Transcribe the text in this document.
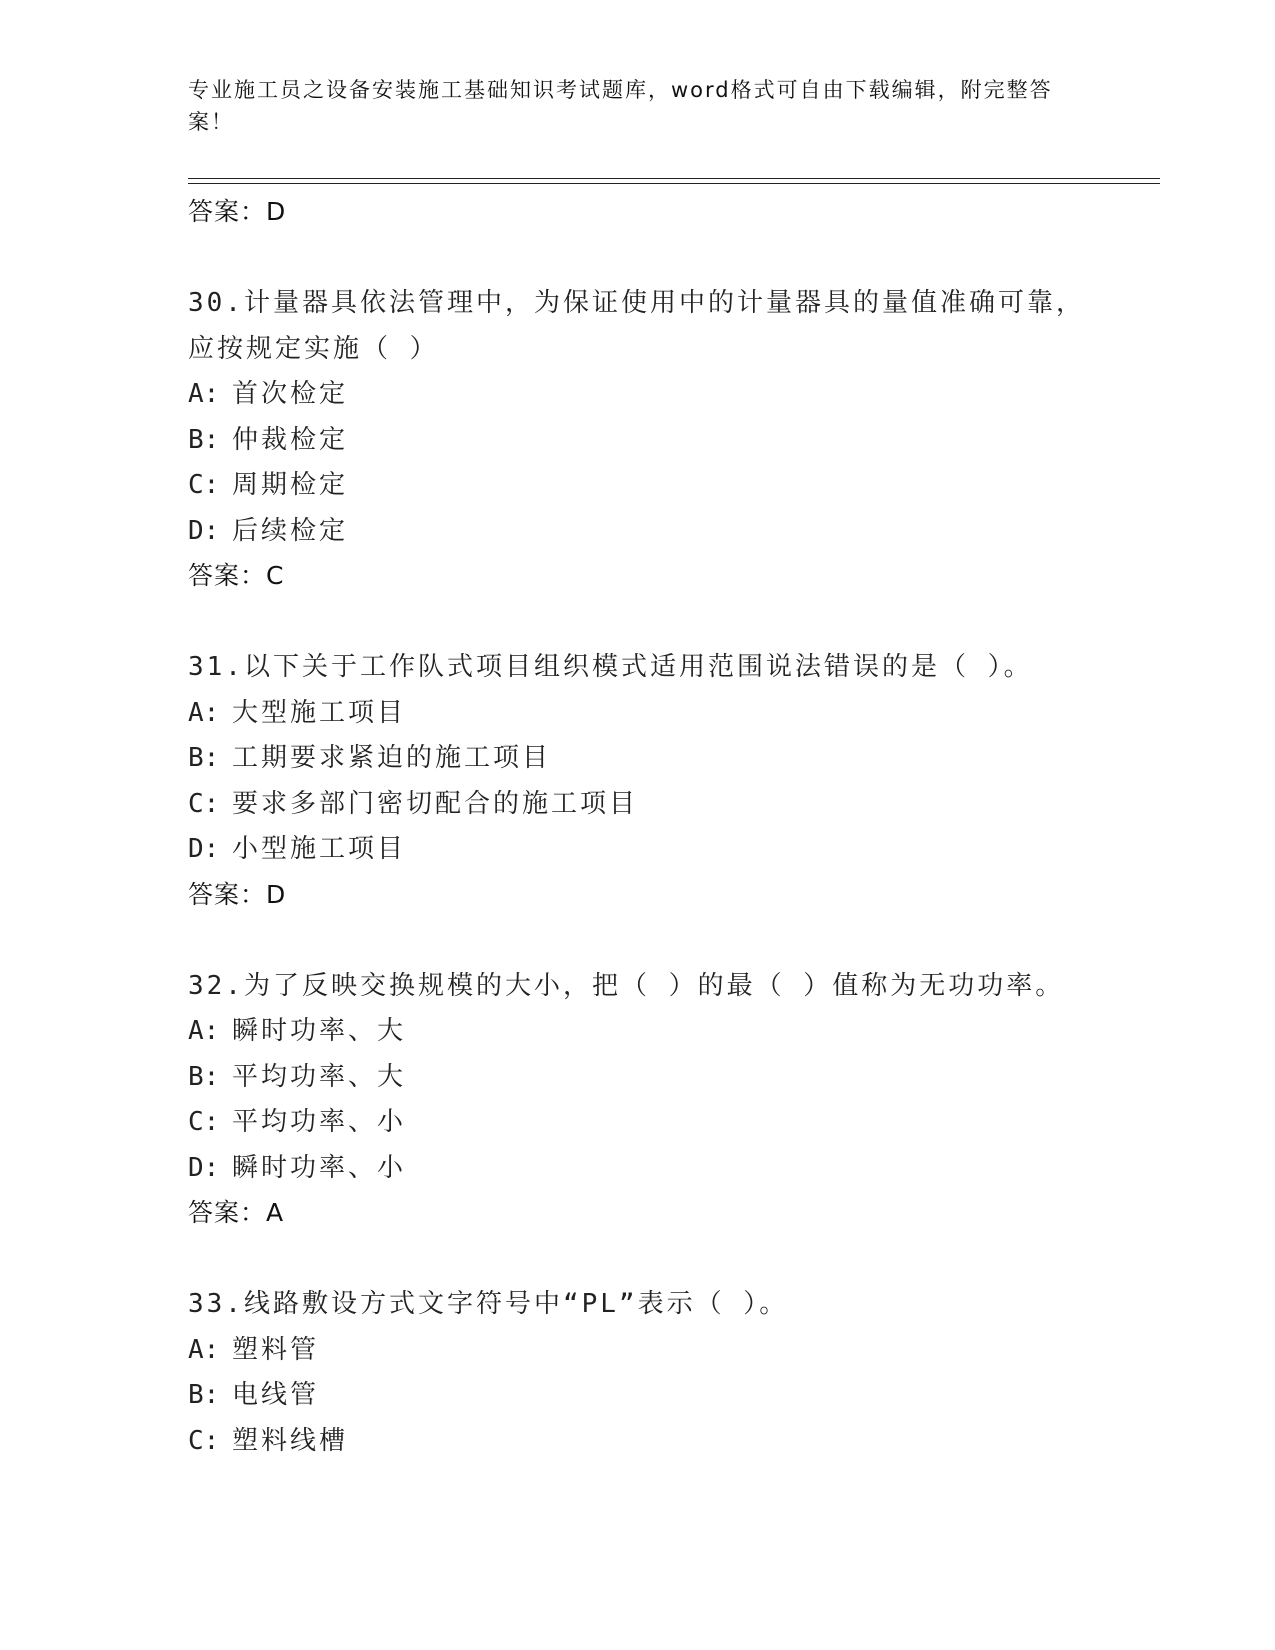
专业施工员之设备安装施工基础知识考试题库，word格式可自由下载编辑，附完整答案！
答案：D
30.计量器具依法管理中，为保证使用中的计量器具的量值准确可靠，应按规定实施（ ）
A: 首次检定
B: 仲裁检定
C: 周期检定
D: 后续检定
答案：C
31.以下关于工作队式项目组织模式适用范围说法错误的是（ ）。
A: 大型施工项目
B: 工期要求紧迫的施工项目
C: 要求多部门密切配合的施工项目
D: 小型施工项目
答案：D
32.为了反映交换规模的大小，把（ ）的最（ ）值称为无功功率。
A: 瞬时功率、大
B: 平均功率、大
C: 平均功率、小
D: 瞬时功率、小
答案：A
33.线路敷设方式文字符号中“PL”表示（ ）。
A: 塑料管
B: 电线管
C: 塑料线槽
